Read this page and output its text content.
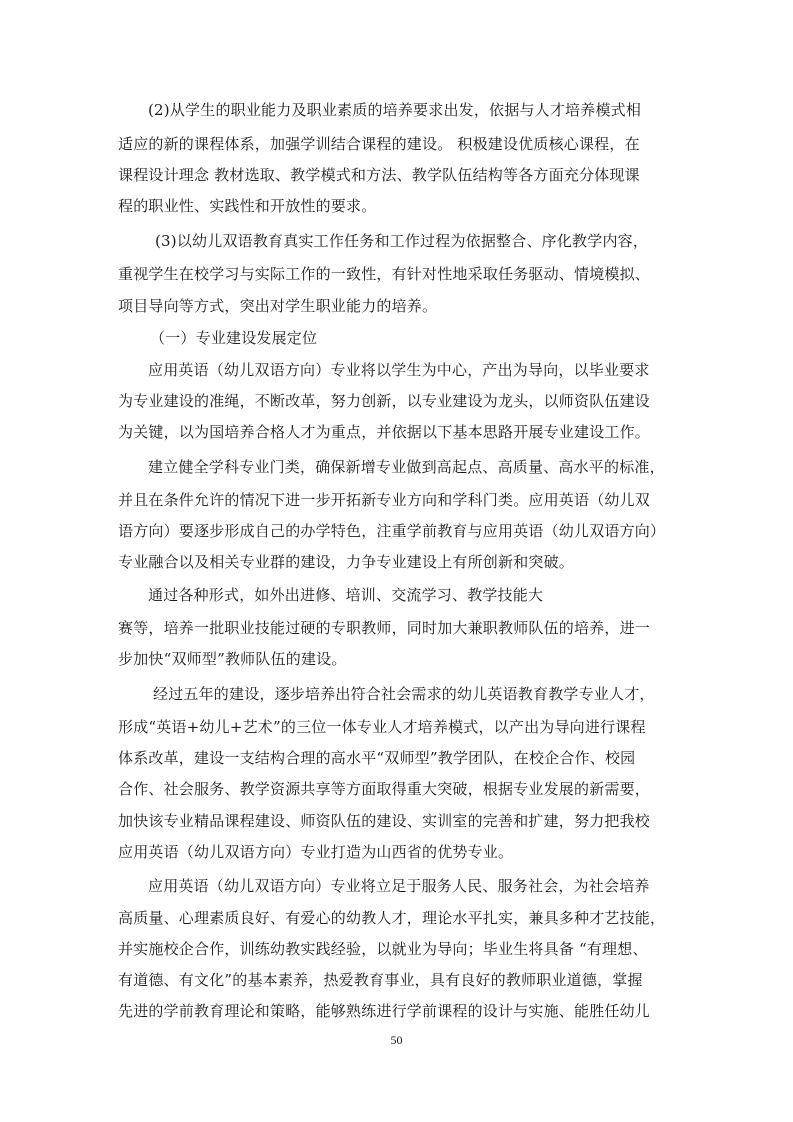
(2)从学生的职业能力及职业素质的培养要求出发，依据与人才培养模式相
适应的新的课程体系，加强学训结合课程的建设。 积极建设优质核心课程，在
课程设计理念 教材选取、教学模式和方法、教学队伍结构等各方面充分体现课
程的职业性、实践性和开放性的要求。
(3)以幼儿双语教育真实工作任务和工作过程为依据整合、序化教学内容，
重视学生在校学习与实际工作的一致性，有针对性地采取任务驱动、情境模拟、
项目导向等方式，突出对学生职业能力的培养。
（一）专业建设发展定位
应用英语（幼儿双语方向）专业将以学生为中心，产出为导向，以毕业要求
为专业建设的准绳，不断改革，努力创新，以专业建设为龙头，以师资队伍建设
为关键，以为国培养合格人才为重点，并依据以下基本思路开展专业建设工作。
建立健全学科专业门类，确保新增专业做到高起点、高质量、高水平的标准，
并且在条件允许的情况下进一步开拓新专业方向和学科门类。应用英语（幼儿双
语方向）要逐步形成自己的办学特色，注重学前教育与应用英语（幼儿双语方向）
专业融合以及相关专业群的建设，力争专业建设上有所创新和突破。
通过各种形式，如外出进修、培训、交流学习、教学技能大
赛等，培养一批职业技能过硬的专职教师，同时加大兼职教师队伍的培养，进一
步加快“双师型”教师队伍的建设。
经过五年的建设，逐步培养出符合社会需求的幼儿英语教育教学专业人才，
形成“英语+幼儿+艺术”的三位一体专业人才培养模式，以产出为导向进行课程
体系改革，建设一支结构合理的高水平“双师型”教学团队，在校企合作、校园
合作、社会服务、教学资源共享等方面取得重大突破，根据专业发展的新需要，
加快该专业精品课程建设、师资队伍的建设、实训室的完善和扩建，努力把我校
应用英语（幼儿双语方向）专业打造为山西省的优势专业。
应用英语（幼儿双语方向）专业将立足于服务人民、服务社会，为社会培养
高质量、心理素质良好、有爱心的幼教人才，理论水平扎实，兼具多种才艺技能，
并实施校企合作，训练幼教实践经验，以就业为导向；毕业生将具备 “有理想、
有道德、有文化”的基本素养，热爱教育事业，具有良好的教师职业道德，掌握
先进的学前教育理论和策略，能够熟练进行学前课程的设计与实施、能胜任幼儿
50
